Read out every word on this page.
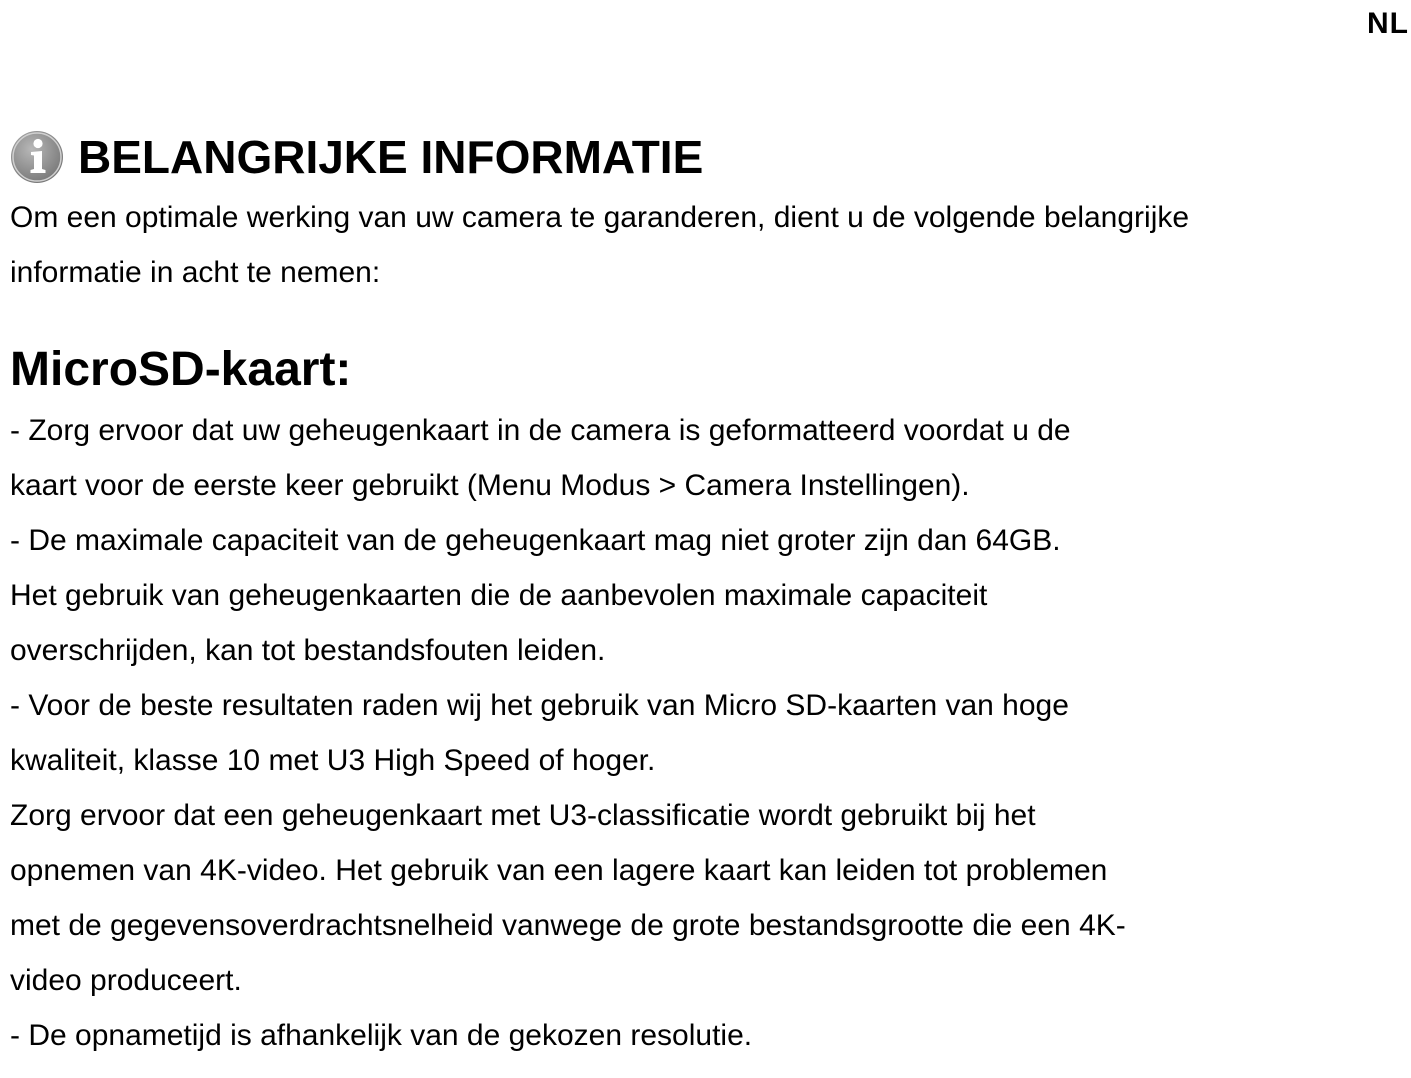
NL
BELANGRIJKE INFORMATIE

Om een optimale werking van uw camera te garanderen, dient u de volgende belangrijke informatie in acht te nemen:

MicroSD-kaart:
- Zorg ervoor dat uw geheugenkaart in de camera is geformatteerd voordat u de
kaart voor de eerste keer gebruikt (Menu Modus > Camera Instellingen).
- De maximale capaciteit van de geheugenkaart mag niet groter zijn dan 64GB.
Het gebruik van geheugenkaarten die de aanbevolen maximale capaciteit
overschrijden, kan tot bestandsfouten leiden.
- Voor de beste resultaten raden wij het gebruik van Micro SD-kaarten van hoge
kwaliteit, klasse 10 met U3 High Speed of hoger.
Zorg ervoor dat een geheugenkaart met U3-classificatie wordt gebruikt bij het
opnemen van 4K-video. Het gebruik van een lagere kaart kan leiden tot problemen
met de gegevensoverdrachtsnelheid vanwege de grote bestandsgrootte die een 4K-
video produceert.
- De opnametijd is afhankelijk van de gekozen resolutie.
